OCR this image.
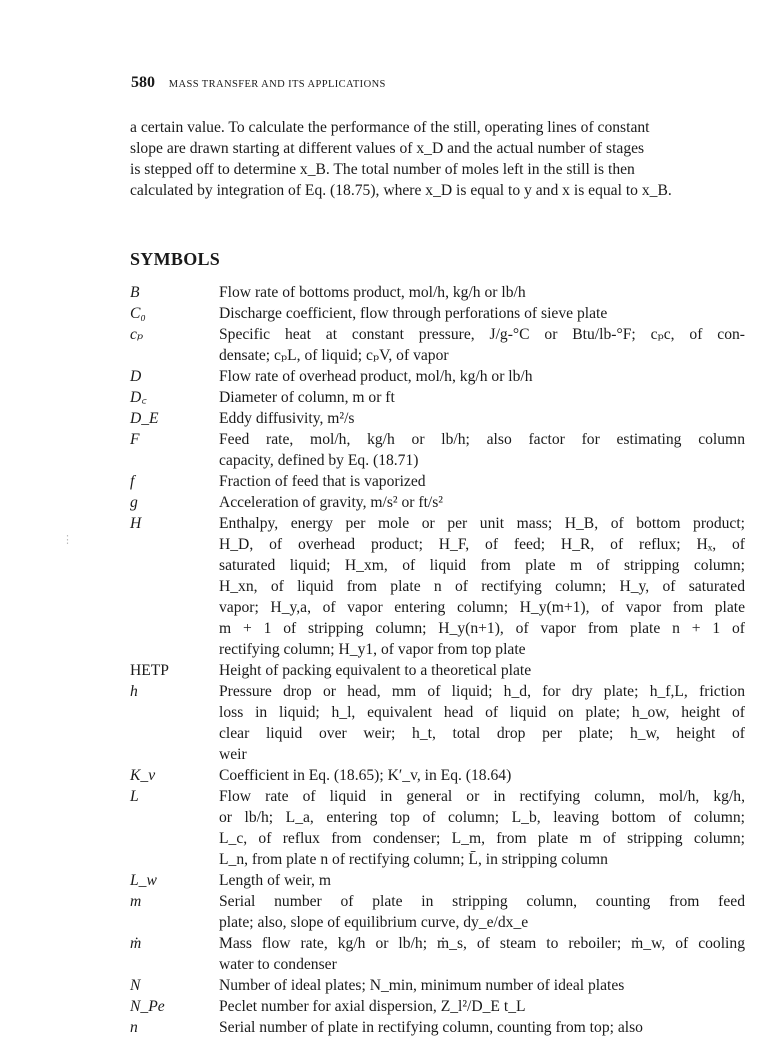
580 MASS TRANSFER AND ITS APPLICATIONS
a certain value. To calculate the performance of the still, operating lines of constant
slope are drawn starting at different values of x_D and the actual number of stages
is stepped off to determine x_B. The total number of moles left in the still is then
calculated by integration of Eq. (18.75), where x_D is equal to y and x is equal to x_B.
SYMBOLS
B	Flow rate of bottoms product, mol/h, kg/h or lb/h
C₀	Discharge coefficient, flow through perforations of sieve plate
cₚ	Specific heat at constant pressure, J/g-°C or Btu/lb-°F; cₚc, of con-
densate; cₚL, of liquid; cₚV, of vapor
D	Flow rate of overhead product, mol/h, kg/h or lb/h
D꜀	Diameter of column, m or ft
D_E	Eddy diffusivity, m²/s
F	Feed rate, mol/h, kg/h or lb/h; also factor for estimating column
capacity, defined by Eq. (18.71)
f	Fraction of feed that is vaporized
g	Acceleration of gravity, m/s² or ft/s²
H	Enthalpy, energy per mole or per unit mass; H_B, of bottom product;
H_D, of overhead product; H_F, of feed; H_R, of reflux; Hₓ, of
saturated liquid; H_xm, of liquid from plate m of stripping column;
H_xn, of liquid from plate n of rectifying column; H_y, of saturated
vapor; H_y,a, of vapor entering column; H_y(m+1), of vapor from plate
m + 1 of stripping column; H_y(n+1), of vapor from plate n + 1 of
rectifying column; H_y1, of vapor from top plate
HETP	Height of packing equivalent to a theoretical plate
h	Pressure drop or head, mm of liquid; h_d, for dry plate; h_f,L, friction
loss in liquid; h_l, equivalent head of liquid on plate; h_ow, height of
clear liquid over weir; h_t, total drop per plate; h_w, height of
weir
K_v	Coefficient in Eq. (18.65); K′_v, in Eq. (18.64)
L	Flow rate of liquid in general or in rectifying column, mol/h, kg/h,
or lb/h; L_a, entering top of column; L_b, leaving bottom of column;
L_c, of reflux from condenser; L_m, from plate m of stripping column;
L_n, from plate n of rectifying column; L̄, in stripping column
L_w	Length of weir, m
m	Serial number of plate in stripping column, counting from feed
plate; also, slope of equilibrium curve, dy_e/dx_e
ṁ	Mass flow rate, kg/h or lb/h; ṁ_s, of steam to reboiler; ṁ_w, of cooling
water to condenser
N	Number of ideal plates; N_min, minimum number of ideal plates
N_Pe	Peclet number for axial dispersion, Z_l²/D_E t_L
n	Serial number of plate in rectifying column, counting from top; also
⋮
